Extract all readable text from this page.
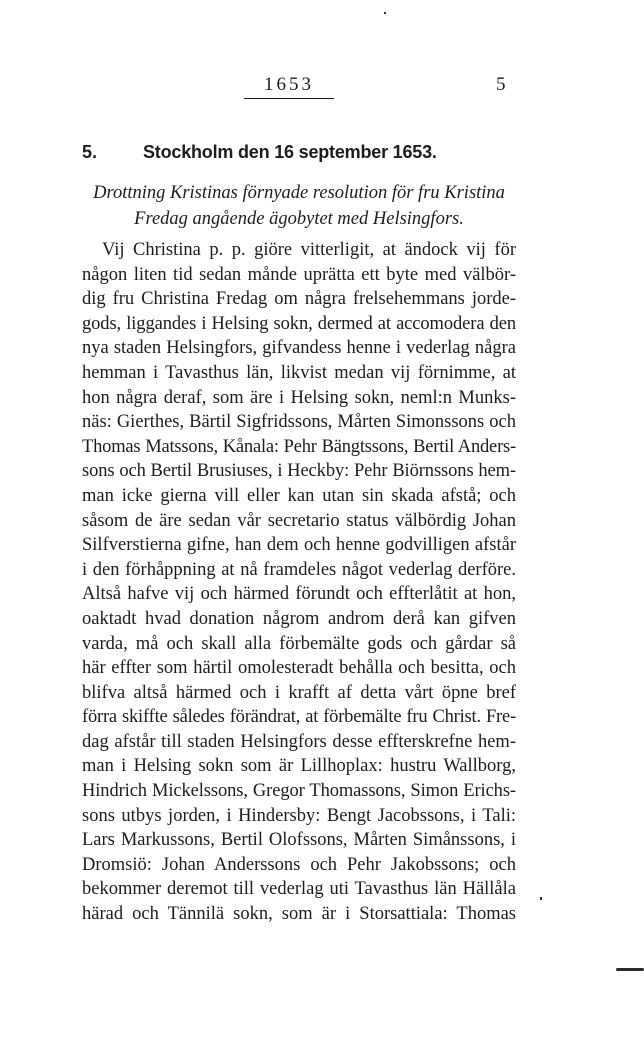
1653	5
5.	Stockholm den 16 september 1653.
Drottning Kristinas förnyade resolution för fru Kristina
Fredag angående ägobytet med Helsingfors.
Vij Christina p. p. giöre vitterligit, at ändock vij för
någon liten tid sedan månde uprätta ett byte med välbör-
dig fru Christina Fredag om några frelsehemmans jorde-
gods, liggandes i Helsing sokn, dermed at accomodera den
nya staden Helsingfors, gifvandess henne i vederlag några
hemman i Tavasthus län, likvist medan vij förnimme, at
hon några deraf, som äre i Helsing sokn, neml:n Munks-
näs: Gierthes, Bärtil Sigfridssons, Mårten Simonssons och
Thomas Matssons, Kånala: Pehr Bängtssons, Bertil Anders-
sons och Bertil Brusiuses, i Heckby: Pehr Biörnssons hem-
man icke gierna vill eller kan utan sin skada afstå; och
såsom de äre sedan vår secretario status välbördig Johan
Silfverstierna gifne, han dem och henne godvilligen afstår
i den förhåppning at nå framdeles något vederlag derföre.
Altså hafve vij och härmed förundt och effterlåtit at hon,
oaktadt hvad donation någrom androm derå kan gifven
varda, må och skall alla förbemälte gods och gårdar så
här effter som härtil omolesteradt behålla och besitta, och
blifva altså härmed och i krafft af detta vårt öpne bref
förra skiffte således förändrat, at förbemälte fru Christ. Fre-
dag afstår till staden Helsingfors desse effterskrefne hem-
man i Helsing sokn som är Lillhoplax: hustru Wallborg,
Hindrich Mickelssons, Gregor Thomassons, Simon Erichs-
sons utbys jorden, i Hindersby: Bengt Jacobssons, i Tali:
Lars Markussons, Bertil Olofssons, Mårten Simånssons, i
Dromsiö: Johan Anderssons och Pehr Jakobssons; och
bekommer deremot till vederlag uti Tavasthus län Hällåla
härad och Tännilä sokn, som är i Storsattiala: Thomas
